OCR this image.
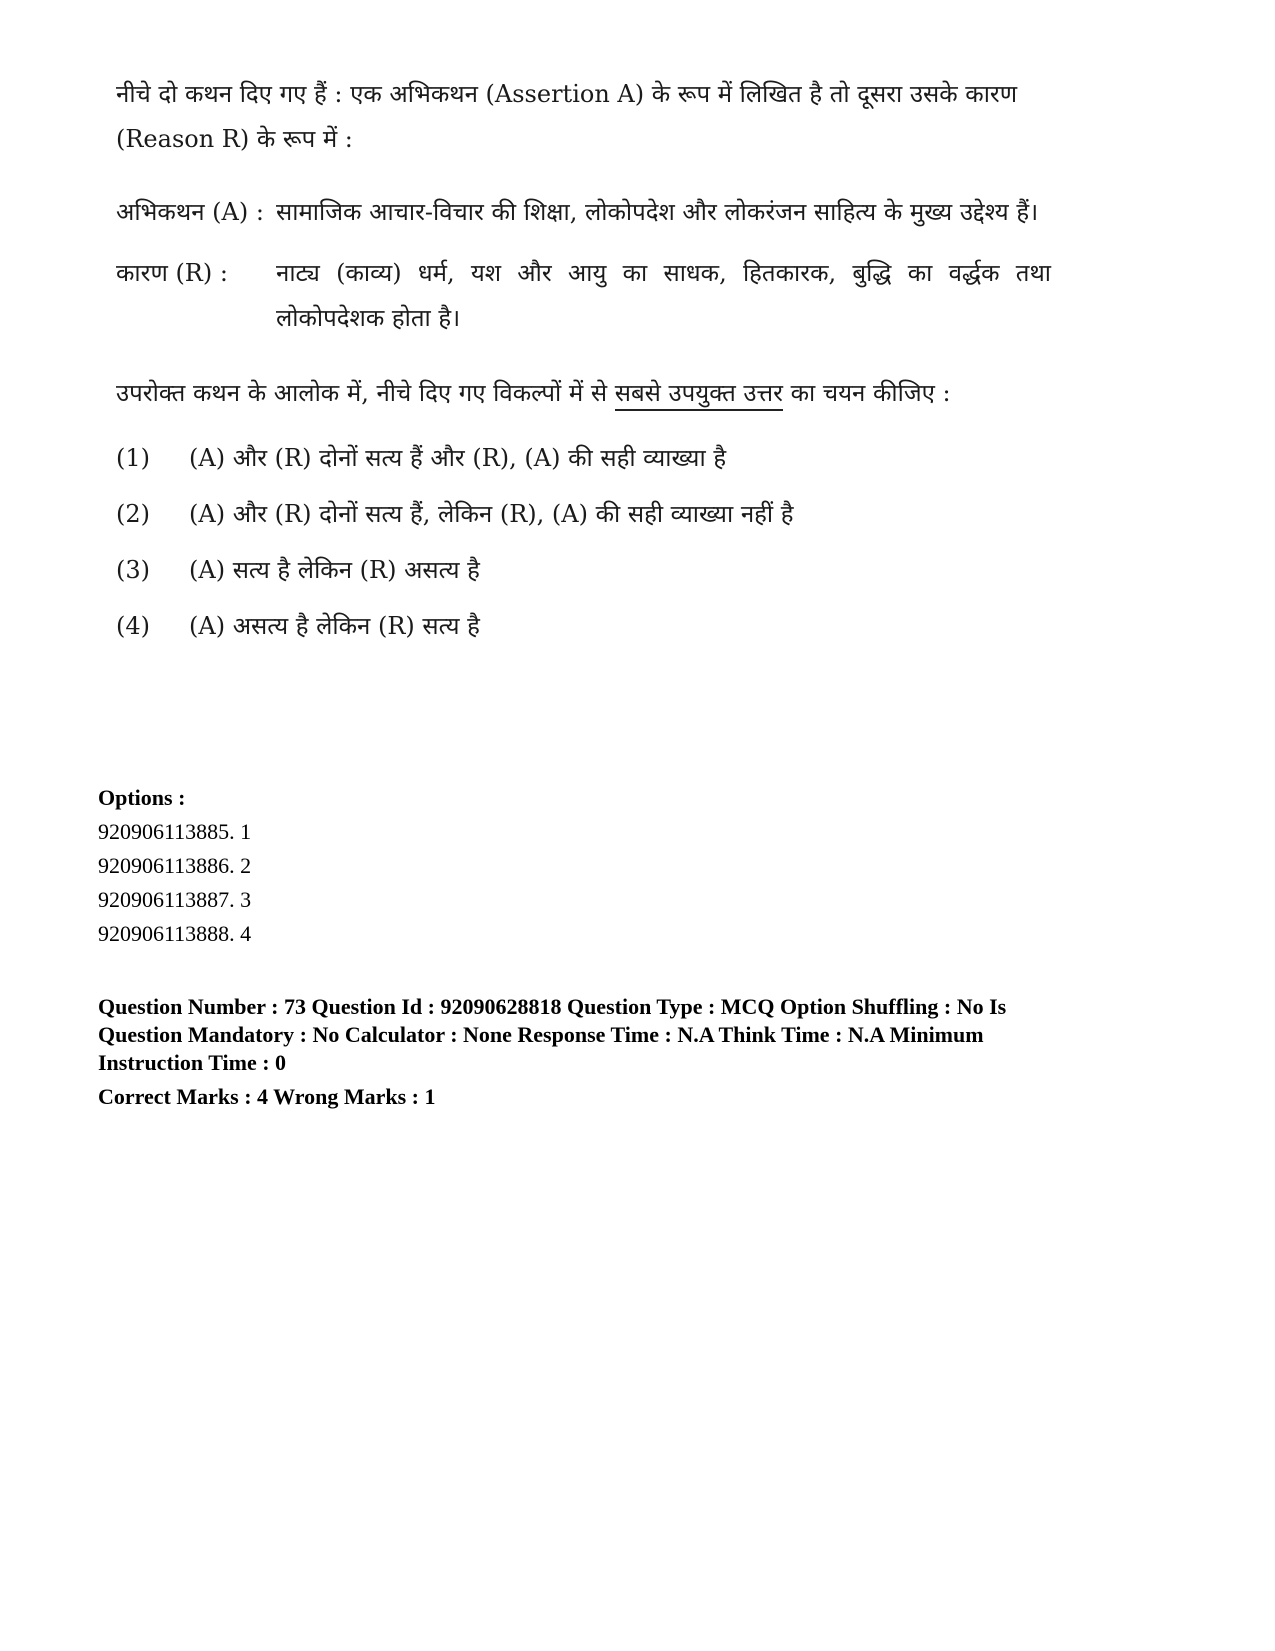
नीचे दो कथन दिए गए हैं : एक अभिकथन (Assertion A) के रूप में लिखित है तो दूसरा उसके कारण

(Reason R) के रूप में :

अभिकथन (A) : सामाजिक आचार-विचार की शिक्षा, लोकोपदेश और लोकरंजन साहित्य के मुख्य उद्देश्य हैं।
कारण (R) :	नाट्य (काव्य) धर्म, यश और आयु का साधक, हितकारक, बुद्धि का वर्द्धक तथा लोकोपदेशक होता है।
उपरोक्त कथन के आलोक में, नीचे दिए गए विकल्पों में से सबसे उपयुक्त उत्तर का चयन कीजिए :
(1)	(A) और (R) दोनों सत्य हैं और (R), (A) की सही व्याख्या है
(2)	(A) और (R) दोनों सत्य हैं, लेकिन (R), (A) की सही व्याख्या नहीं है
(3)	(A) सत्य है लेकिन (R) असत्य है
(4)	(A) असत्य है लेकिन (R) सत्य है
Options :
920906113885. 1
920906113886. 2
920906113887. 3
920906113888. 4
Question Number : 73 Question Id : 92090628818 Question Type : MCQ Option Shuffling : No Is
Question Mandatory : No Calculator : None Response Time : N.A Think Time : N.A Minimum
Instruction Time : 0
Correct Marks : 4 Wrong Marks : 1
